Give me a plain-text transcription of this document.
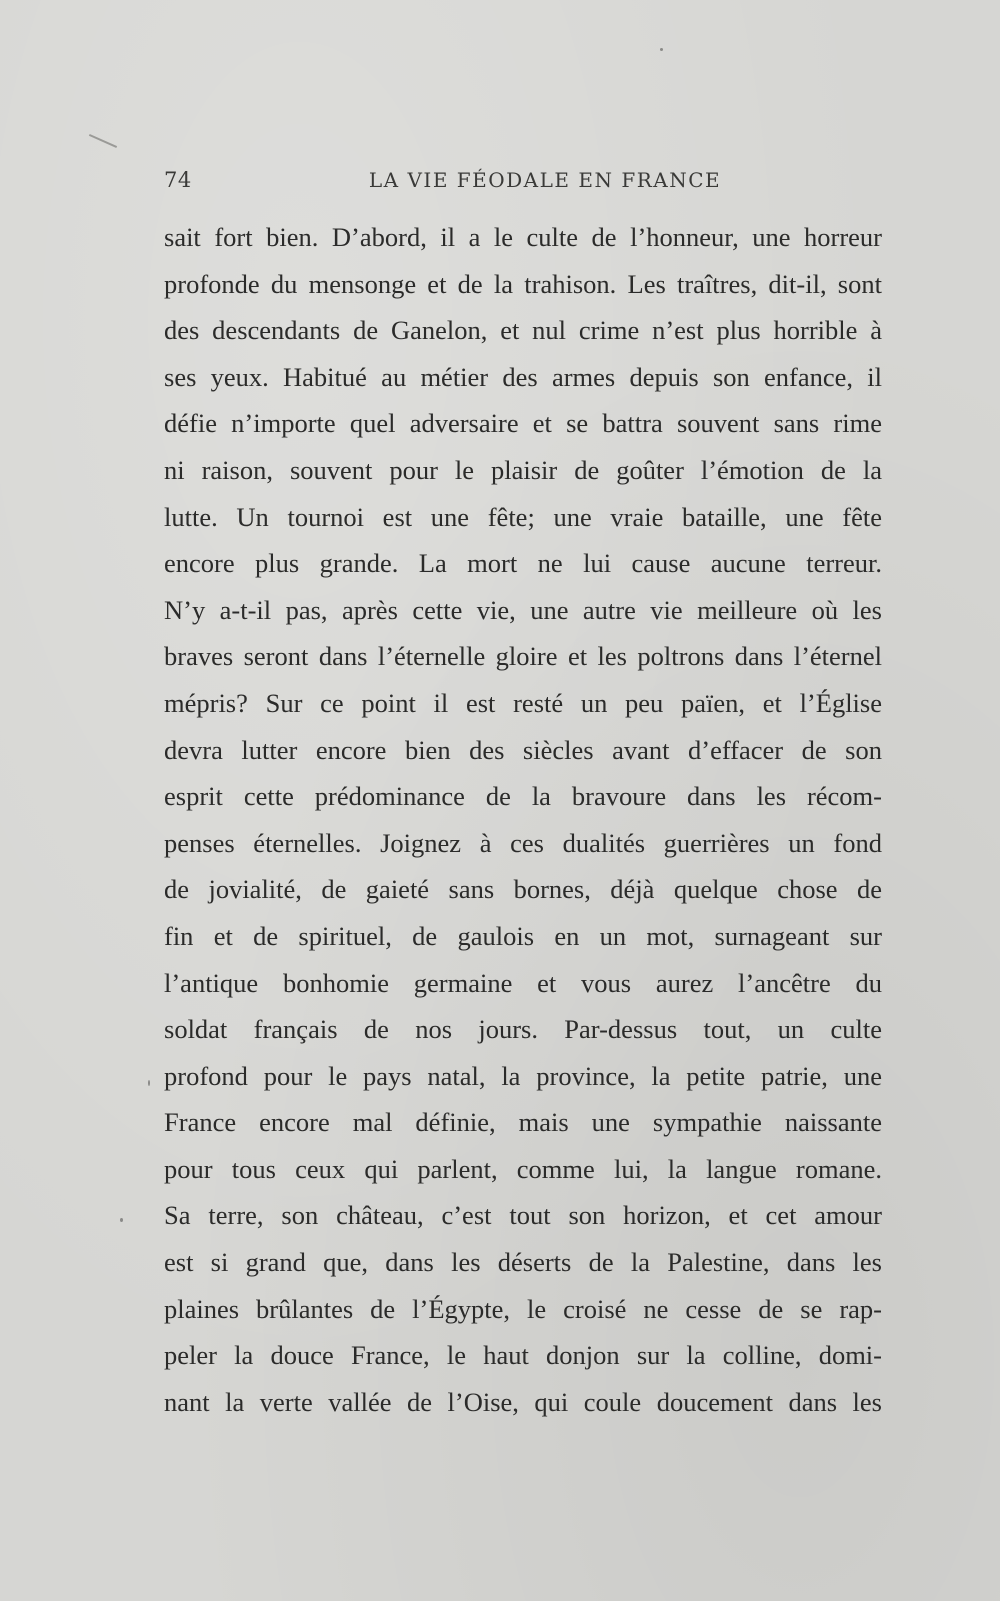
74	LA VIE FÉODALE EN FRANCE
sait fort bien. D’abord, il a le culte de l’honneur, une horreur
profonde du mensonge et de la trahison. Les traîtres, dit-il, sont
des descendants de Ganelon, et nul crime n’est plus horrible à
ses yeux. Habitué au métier des armes depuis son enfance, il
défie n’importe quel adversaire et se battra souvent sans rime
ni raison, souvent pour le plaisir de goûter l’émotion de la
lutte. Un tournoi est une fête; une vraie bataille, une fête
encore plus grande. La mort ne lui cause aucune terreur.
N’y a-t-il pas, après cette vie, une autre vie meilleure où les
braves seront dans l’éternelle gloire et les poltrons dans l’éternel
mépris? Sur ce point il est resté un peu païen, et l’Église
devra lutter encore bien des siècles avant d’effacer de son
esprit cette prédominance de la bravoure dans les récom-
penses éternelles. Joignez à ces dualités guerrières un fond
de jovialité, de gaieté sans bornes, déjà quelque chose de
fin et de spirituel, de gaulois en un mot, surnageant sur
l’antique bonhomie germaine et vous aurez l’ancêtre du
soldat français de nos jours. Par-dessus tout, un culte
profond pour le pays natal, la province, la petite patrie, une
France encore mal définie, mais une sympathie naissante
pour tous ceux qui parlent, comme lui, la langue romane.
Sa terre, son château, c’est tout son horizon, et cet amour
est si grand que, dans les déserts de la Palestine, dans les
plaines brûlantes de l’Égypte, le croisé ne cesse de se rap-
peler la douce France, le haut donjon sur la colline, domi-
nant la verte vallée de l’Oise, qui coule doucement dans les
